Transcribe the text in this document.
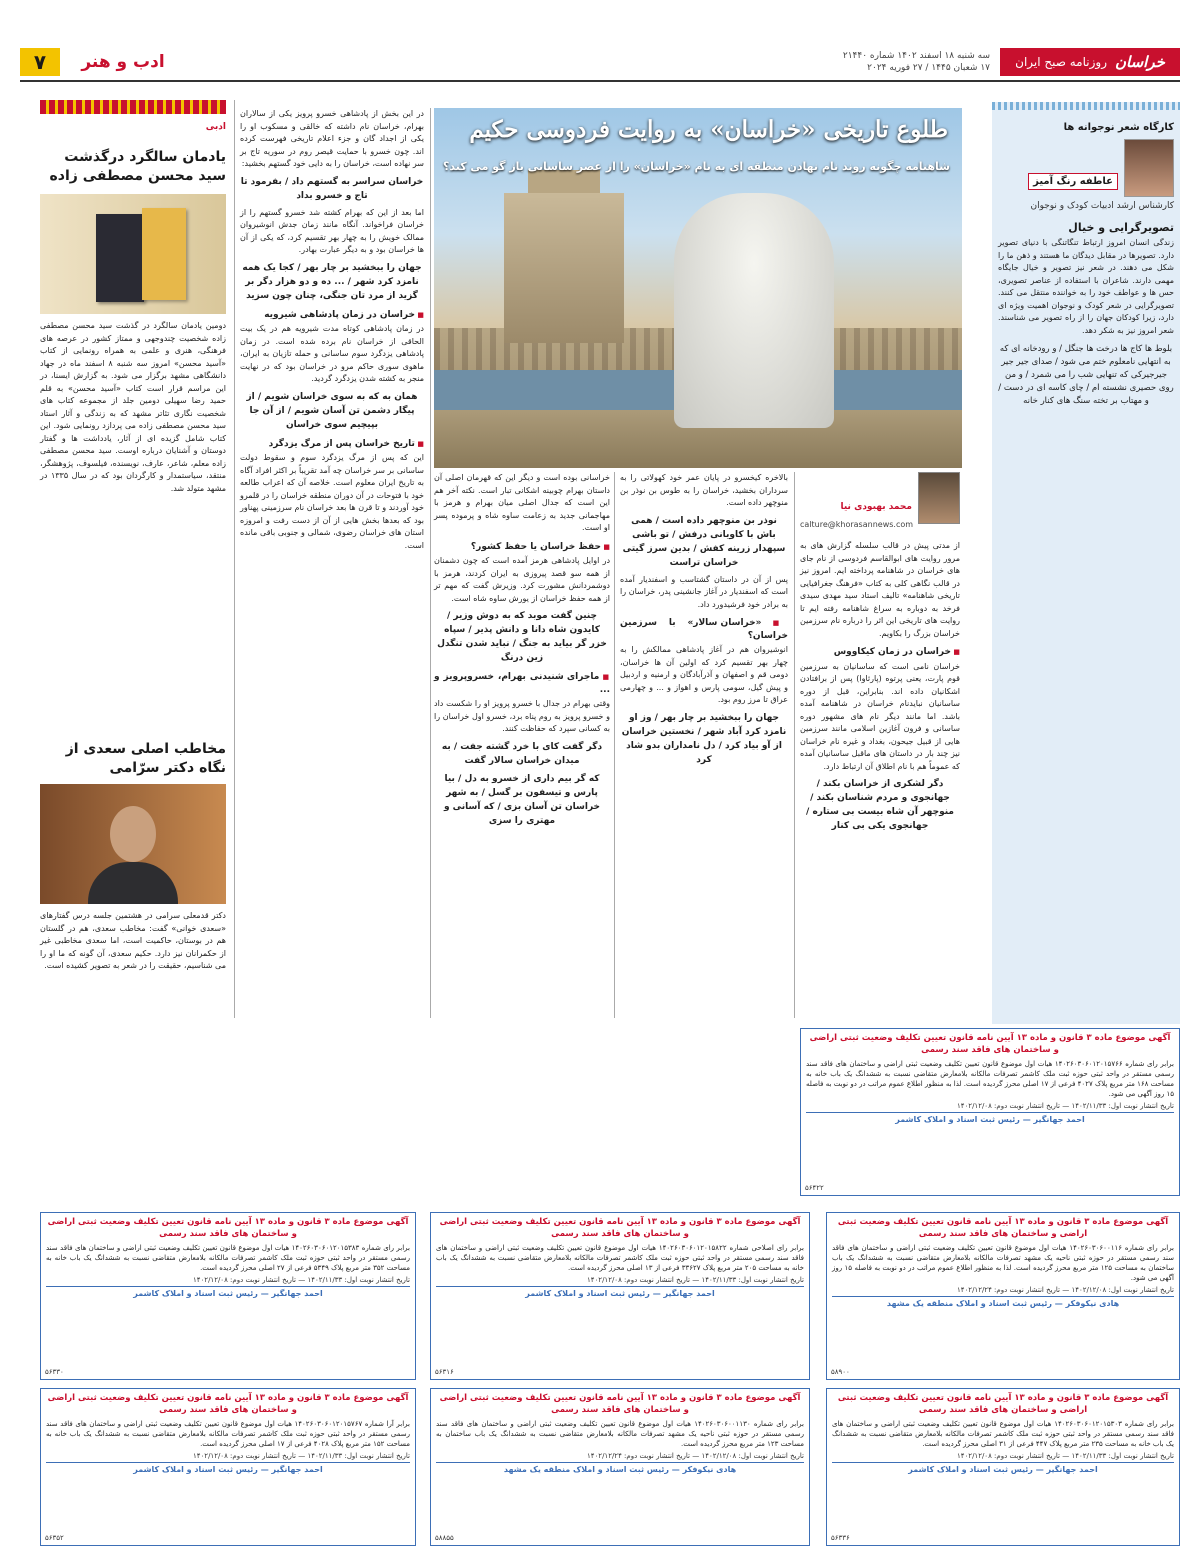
خراسان
روزنامه صبح ایران
سه شنبه ۱۸ اسفند ۱۴۰۲ شماره ۲۱۴۴۰
۱۷ شعبان ۱۴۴۵ / ۲۷ فوریه ۲۰۲۴
ادب و هنر
۷
کارگاه شعر نوجوانه ها
عاطفه رنگ آمیز
کارشناس ارشد ادبیات کودک و نوجوان
تصویرگرایی و خیال
زندگی انسان امروز ارتباط تنگاتنگی با دنیای تصویر دارد. تصویرها در مقابل دیدگان ما هستند و ذهن ما را شکل می دهند. در شعر نیز تصویر و خیال جایگاه مهمی دارند. شاعران با استفاده از عناصر تصویری، حس ها و عواطف خود را به خواننده منتقل می کنند. تصویرگرایی در شعر کودک و نوجوان اهمیت ویژه ای دارد، زیرا کودکان جهان را از راه تصویر می شناسند. شعر امروز نیز به شکر دهد.
بلوط ها کاج ها درخت ها جنگل / و رودخانه ای که به انتهایی نامعلوم ختم می شود / صدای جیر جیر جیرجیرکی که تنهایی شب را می شمرد / و من روی حصیری نشسته ام / چای کاسه ای در دست / و مهتاب بر تخته سنگ های کنار خانه
طلوع تاریخی «خراسان» به روایت فردوسی حکیم
شاهنامه چگونه روند نام نهادن منطقه ای به نام «خراسان» را از عصر ساسانی باز گو می کند؟
محمد بهبودی نیا
calture@khorasannews.com

از مدتی پیش در قالب سلسله گزارش های به مرور روایت های ابوالقاسم فردوسی از نام جای های خراسان در شاهنامه پرداخته ایم. امروز نیز در قالب نگاهی کلی به کتاب «فرهنگ جغرافیایی تاریخی شاهنامه» تالیف استاد سید مهدی سیدی فرخد به دوباره به سراغ شاهنامه رفته ایم تا روایت های تاریخی این اثر را درباره نام سرزمین خراسان بزرگ را بکاویم.

■ خراسان در زمان کیکاووس

خراسان نامی است که ساسانیان به سرزمین قوم پارت، یعنی پرتوه (پارثاوا) پس از برافتادن اشکانیان داده اند. بنابراین، قبل از دوره ساسانیان نبایدنام خراسان در شاهنامه آمده باشد. اما مانند دیگر نام های مشهور دوره ساسانی و فرون آغازین اسلامی مانند سرزمین هایی از قبیل جیحون، بغداد و غیره نام خراسان نیز چند بار در داستان های ماقبل ساسانیان آمده که عموماً هم با نام اطلاق آن ارتباط دارد.

دگر لشکری از خراسان بکند / جهانجوی و مردم شناسان بکند / منوچهر آن شاه بیست بی ستاره / جهانجوی یکی بی کنار

بالاخره کیخسرو در پایان عمر خود کهولاتی را به سرداران بخشید، خراسان را به طوس بن نوذر بن منوچهر داده است.

نوذر بن منوچهر داده است / همی باش با کاویانی درفش / تو باشی سپهدار زرینه کفش / بدین سرز گیتی خراسان تراست

پس از آن در داستان گشتاسب و اسفندیار آمده است که اسفندیار در آغاز جانشینی پدر، خراسان را به برادر خود فرشیدورد داد.

■ «خراسان سالار» با سرزمین خراسان؟

انوشیروان هم در آغاز پادشاهی ممالکش را به چهار بهر تقسیم کرد که اولین آن ها خراسان، دومی قم و اصفهان و آذرآبادگان و ارمنیه و اردبیل و پیش گیل، سومی پارس و اهواز و ... و چهارمی عراق تا مرز روم بود.

جهان را ببخشید بر چار بهر / وز او نامزد کرد آباد شهر / نخستین خراسان از آو بیاد کرد / دل نامداران بدو شاد کرد

خراسانی بوده است و دیگر این که قهرمان اصلی آن داستان بهرام چوبینه اشکانی تبار است. نکته آخر هم این است که جدال اصلی میان بهرام و هرمز با مهاجمانی جدید به زعامت ساوه شاه و پرموده پسر او است.

■ حفظ خراسان یا حفظ کشور؟

در اوایل پادشاهی هرمز آمده است که چون دشمنان از همه سو قصد پیروزی به ایران کردند، هرمز با دوشمردانش مشورت کرد. وزیرش گفت که مهم تر از همه حفظ خراسان از یورش ساوه شاه است.

چنین گفت موبد که به دوش وزیر / کایدون شاه دانا و دانش پذیر / سپاه خزر گر بیاید به جنگ / نباید شدن تنگدل زین درنگ
■ ماجرای شنیدنی بهرام، خسروپرویز و ...

وقتی بهرام در جدال با خسرو پرویز او را شکست داد و خسرو پرویز به روم پناه برد، خسرو اول خراسان را به کسانی سپرد که حفاظت کنند.

دگر گفت کای با خرد گشته جفت / به میدان خراسان سالار گفت
که گر بیم داری از خسرو به دل / بیا پارس و تیسفون بر گسل / به شهر خراسان تن آسان بزی / که آسانی و مهتری را سزی

در این بخش از پادشاهی خسرو پرویز یکی از سالاران بهرام، خراسان نام داشته که خالقی و مسکوب او را یکی از اجداد گان و جزء اعلام تاریخی فهرست کرده اند. چون خسرو با حمایت قیصر روم در سوریه تاج بر سر نهاده است، خراسان را به دایی خود گستهم بخشید:

خراسان سراسر به گستهم داد / بفرمود تا تاج و خسرو بداد

اما بعد از این که بهرام کشته شد خسرو گستهم را از خراسان فراخواند. آنگاه مانند زمان جدش انوشیروان ممالک خویش را به چهار بهر تقسیم کرد، که یکی از آن ها خراسان بود و به دیگر عبارت بهادر.

جهان را ببخشید بر چار بهر / کجا یک همه نامزد کرد شهر / ... ده و دو هزار دگر بر گزید از مرد تان جنگی، چنان چون سزید
■ خراسان در زمان پادشاهی شیرویه

در زمان پادشاهی کوتاه مدت شیرویه هم در یک بیت الحاقی از خراسان نام برده شده است. در زمان پادشاهی یزدگرد سوم ساسانی و حمله تازیان به ایران، ماهوی سوری حاکم مرو در خراسان بود که در نهایت منجر به کشته شدن یزدگرد گردید.

همان به که به سوی خراسان شویم / از پیگار دشمن تن آسان شویم / از آن جا بپیچیم سوی خراسان
■ تاریخ خراسان پس از مرگ یزدگرد

این که پس از مرگ یزدگرد سوم و سقوط دولت ساسانی بر سر خراسان چه آمد تقریباً بر اکثر افراد آگاه به تاریخ ایران معلوم است. خلاصه آن که اعراب طالعه خود با فتوحات در آن دوران منطقه خراسان را در قلمرو خود آوردند و تا قرن ها بعد خراسان نام سرزمینی پهناور بود که بعدها بخش هایی از آن از دست رفت و امروزه استان های خراسان رضوی، شمالی و جنوبی باقی مانده است.

ادبی
یادمان سالگرد درگذشت سید محسن مصطفی زاده

دومین یادمان سالگرد در گذشت سید محسن مصطفی زاده شخصیت چندوجهی و ممتاز کشور در عرصه های فرهنگی، هنری و علمی به همراه رونمایی از کتاب «آسید محسن» امروز سه شنبه ۸ اسفند ماه در جهاد دانشگاهی مشهد برگزار می شود. به گزارش ایسنا، در این مراسم قرار است کتاب «آسید محسن» به قلم حمید رضا سهیلی دومین جلد از مجموعه کتاب های شخصیت نگاری تئاتر مشهد که به زندگی و آثار استاد سید محسن مصطفی زاده می پردازد رونمایی شود. این کتاب شامل گزیده ای از آثار، یادداشت ها و گفتار دوستان و آشنایان درباره اوست. سید محسن مصطفی زاده معلم، شاعر، عارف، نویسنده، فیلسوف، پژوهشگر، منتقد، سیاستمدار و کارگردان بود که در سال ۱۳۳۵ در مشهد متولد شد.

مخاطب اصلی سعدی از نگاه دکتر سرّامی

دکتر قدمعلی سرامی در هشتمین جلسه درس گفتارهای «سعدی خوانی» گفت: مخاطب سعدی، هم در گلستان هم در بوستان، حاکمیت است، اما سعدی مخاطبی غیر از حکمرانان نیز دارد. حکیم سعدی، آن گونه که ما او را می شناسیم، حقیقت را در شعر به تصویر کشیده است.

آگهی موضوع ماده ۳ قانون و ماده ۱۳ آیین نامه قانون تعیین تکلیف وضعیت ثبتی اراضی و ساختمان های فاقد سند رسمی
برابر رای شماره ۱۴۰۲۶۰۳۰۶۰۱۲۰۱۵۷۶۶ هیات اول موضوع قانون تعیین تکلیف وضعیت ثبتی اراضی و ساختمان های فاقد سند رسمی مستقر در واحد ثبتی حوزه ثبت ملک کاشمر تصرفات مالکانه بلامعارض متقاضی نسبت به ششدانگ یک باب خانه به مساحت ۱۶۸ متر مربع پلاک ۴۰۲۷ فرعی از ۱۷ اصلی محرز گردیده است. لذا به منظور اطلاع عموم مراتب در دو نوبت به فاصله ۱۵ روز آگهی می شود.
تاریخ انتشار نوبت اول: ۱۴۰۲/۱۱/۳۳ — تاریخ انتشار نوبت دوم: ۱۴۰۲/۱۲/۰۸
احمد جهانگیر — رئیس ثبت اسناد و املاک کاشمر
۵۶۴۲۲
آگهی موضوع ماده ۳ قانون و ماده ۱۳ آیین نامه قانون تعیین تکلیف وضعیت ثبتی اراضی و ساختمان های فاقد سند رسمی
برابر رای شماره ۱۴۰۲۶۰۳۰۶۰۰۱۱۶ هیات اول موضوع قانون تعیین تکلیف وضعیت ثبتی اراضی و ساختمان های فاقد سند رسمی مستقر در حوزه ثبتی ناحیه یک مشهد تصرفات مالکانه بلامعارض متقاضی نسبت به ششدانگ یک باب ساختمان به مساحت ۱۲۵ متر مربع محرز گردیده است. لذا به منظور اطلاع عموم مراتب در دو نوبت به فاصله ۱۵ روز آگهی می شود.
تاریخ انتشار نوبت اول: ۱۴۰۲/۱۲/۰۸ — تاریخ انتشار نوبت دوم: ۱۴۰۲/۱۲/۲۴
هادی نیکوفکر — رئیس ثبت اسناد و املاک منطقه یک مشهد
۵۸۹۰۰
آگهی موضوع ماده ۳ قانون و ماده ۱۳ آیین نامه قانون تعیین تکلیف وضعیت ثبتی اراضی و ساختمان های فاقد سند رسمی
برابر رای اصلاحی شماره ۱۴۰۲۶۰۳۰۶۰۱۲۰۱۵۸۲۲ هیات اول موضوع قانون تعیین تکلیف وضعیت ثبتی اراضی و ساختمان های فاقد سند رسمی مستقر در واحد ثبتی حوزه ثبت ملک کاشمر تصرفات مالکانه بلامعارض متقاضی نسبت به ششدانگ یک باب خانه به مساحت ۲۰۵ متر مربع پلاک ۳۳۶۲۷ فرعی از ۱۳ اصلی محرز گردیده است.
تاریخ انتشار نوبت اول: ۱۴۰۲/۱۱/۳۳ — تاریخ انتشار نوبت دوم: ۱۴۰۲/۱۲/۰۸
احمد جهانگیر — رئیس ثبت اسناد و املاک کاشمر
۵۶۳۱۶
آگهی موضوع ماده ۳ قانون و ماده ۱۳ آیین نامه قانون تعیین تکلیف وضعیت ثبتی اراضی و ساختمان های فاقد سند رسمی
برابر رای شماره ۱۴۰۲۶۰۳۰۶۰۱۲۰۱۵۳۸۳ هیات اول موضوع قانون تعیین تکلیف وضعیت ثبتی اراضی و ساختمان های فاقد سند رسمی مستقر در واحد ثبتی حوزه ثبت ملک کاشمر تصرفات مالکانه بلامعارض متقاضی نسبت به ششدانگ یک باب خانه به مساحت ۳۵۲ متر مربع پلاک ۵۳۴۹ فرعی از ۲۷ اصلی محرز گردیده است.
تاریخ انتشار نوبت اول: ۱۴۰۲/۱۱/۳۳ — تاریخ انتشار نوبت دوم: ۱۴۰۲/۱۲/۰۸
احمد جهانگیر — رئیس ثبت اسناد و املاک کاشمر
۵۶۳۳۰
آگهی موضوع ماده ۳ قانون و ماده ۱۳ آیین نامه قانون تعیین تکلیف وضعیت ثبتی اراضی و ساختمان های فاقد سند رسمی
برابر رای شماره ۱۴۰۲۶۰۳۰۶۰۱۲۰۱۵۳۰۳ هیات اول موضوع قانون تعیین تکلیف وضعیت ثبتی اراضی و ساختمان های فاقد سند رسمی مستقر در واحد ثبتی حوزه ثبت ملک کاشمر تصرفات مالکانه بلامعارض متقاضی نسبت به ششدانگ یک باب خانه به مساحت ۲۳۵ متر مربع پلاک ۴۴۷ فرعی از ۳۱ اصلی محرز گردیده است.
تاریخ انتشار نوبت اول: ۱۴۰۲/۱۱/۳۳ — تاریخ انتشار نوبت دوم: ۱۴۰۲/۱۲/۰۸
احمد جهانگیر — رئیس ثبت اسناد و املاک کاشمر
۵۶۳۳۶
آگهی موضوع ماده ۳ قانون و ماده ۱۳ آیین نامه قانون تعیین تکلیف وضعیت ثبتی اراضی و ساختمان های فاقد سند رسمی
برابر رای شماره ۱۴۰۲۶۰۳۰۶۰۰۱۱۳۰ هیات اول موضوع قانون تعیین تکلیف وضعیت ثبتی اراضی و ساختمان های فاقد سند رسمی مستقر در حوزه ثبتی ناحیه یک مشهد تصرفات مالکانه بلامعارض متقاضی نسبت به ششدانگ یک باب ساختمان به مساحت ۱۲۳ متر مربع محرز گردیده است.
تاریخ انتشار نوبت اول: ۱۴۰۲/۱۲/۰۸ — تاریخ انتشار نوبت دوم: ۱۴۰۲/۱۲/۲۴
هادی نیکوفکر — رئیس ثبت اسناد و املاک منطقه یک مشهد
۵۸۸۵۵
آگهی موضوع ماده ۳ قانون و ماده ۱۳ آیین نامه قانون تعیین تکلیف وضعیت ثبتی اراضی و ساختمان های فاقد سند رسمی
برابر آرا شماره ۱۴۰۲۶۰۳۰۶۰۱۲۰۱۵۷۶۷ هیات اول موضوع قانون تعیین تکلیف وضعیت ثبتی اراضی و ساختمان های فاقد سند رسمی مستقر در واحد ثبتی حوزه ثبت ملک کاشمر تصرفات مالکانه بلامعارض متقاضی نسبت به ششدانگ یک باب خانه به مساحت ۱۵۲ متر مربع پلاک ۴۰۲۸ فرعی از ۱۷ اصلی محرز گردیده است.
تاریخ انتشار نوبت اول: ۱۴۰۲/۱۱/۳۳ — تاریخ انتشار نوبت دوم: ۱۴۰۲/۱۲/۰۸
احمد جهانگیر — رئیس ثبت اسناد و املاک کاشمر
۵۶۳۵۲
